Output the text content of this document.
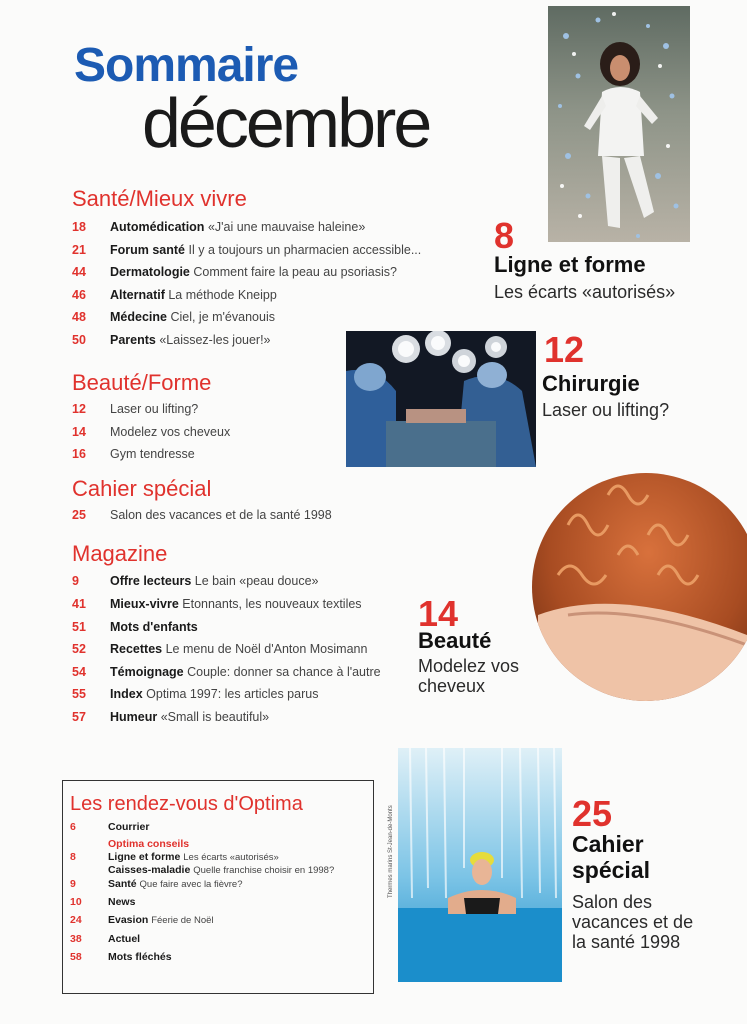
Sommaire
décembre
Santé/Mieux vivre
18 Automédication «J'ai une mauvaise haleine»
21 Forum santé Il y a toujours un pharmacien accessible...
44 Dermatologie Comment faire la peau au psoriasis?
46 Alternatif La méthode Kneipp
48 Médecine Ciel, je m'évanouis
50 Parents «Laissez-les jouer!»
Beauté/Forme
12 Laser ou lifting?
14 Modelez vos cheveux
16 Gym tendresse
Cahier spécial
25 Salon des vacances et de la santé 1998
Magazine
9 Offre lecteurs Le bain «peau douce»
41 Mieux-vivre Etonnants, les nouveaux textiles
51 Mots d'enfants
52 Recettes Le menu de Noël d'Anton Mosimann
54 Témoignage Couple: donner sa chance à l'autre
55 Index Optima 1997: les articles parus
57 Humeur «Small is beautiful»
8
Ligne et forme
Les écarts «autorisés»
12
Chirurgie
Laser ou lifting?
14
Beauté
Modelez vos cheveux
Les rendez-vous d'Optima
6	Courrier
Optima conseils
8	Ligne et forme Les écarts «autorisés»
Caisses-maladie Quelle franchise choisir en 1998?
9	Santé Que faire avec la fièvre?
10	News
24	Evasion Féerie de Noël
38	Actuel
58	Mots fléchés
Thermes marins St-Jean-de-Monts	25
Cahier spécial
Salon des vacances et de la santé 1998
